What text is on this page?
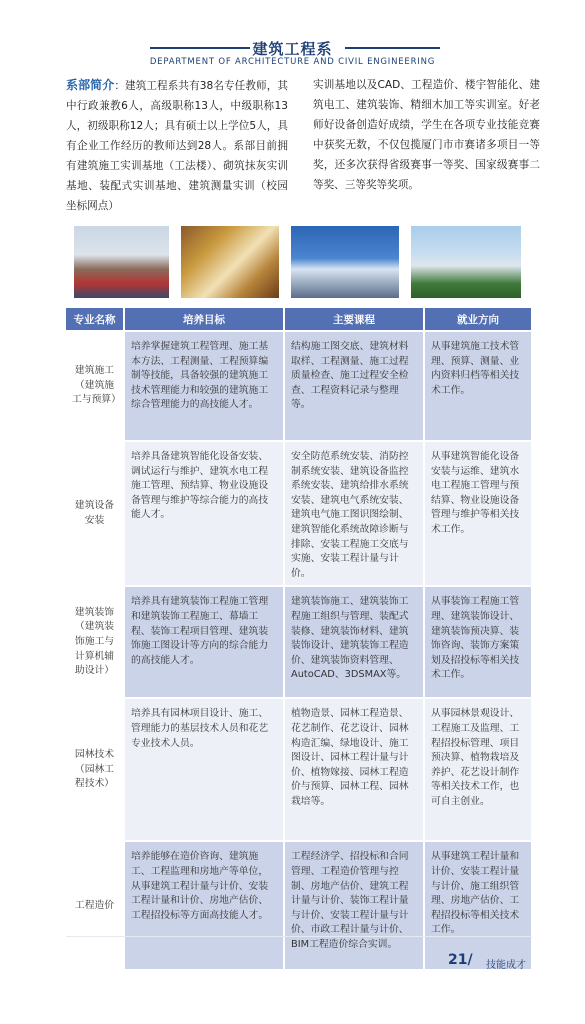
建筑工程系
DEPARTMENT OF ARCHITECTURE AND CIVIL ENGINEERING
系部简介：建筑工程系共有38名专任教师，其中行政兼教6人，高级职称13人，中级职称13人，初级职称12人；具有硕士以上学位5人，具有企业工作经历的教师达到28人。系部目前拥有建筑施工实训基地（工法楼）、砌筑抹灰实训基地、装配式实训基地、建筑测量实训（校园坐标网点）
实训基地以及CAD、工程造价、楼宇智能化、建筑电工、建筑装饰、精细木加工等实训室。好老师好设备创造好成绩，学生在各项专业技能竞赛中获奖无数，不仅包揽厦门市市赛诸多项目一等奖，还多次获得省级赛事一等奖、国家级赛事二等奖、三等奖等奖项。
专业名称	培养目标	主要课程	就业方向
建筑施工（建筑施工与预算）	培养掌握建筑工程管理、施工基本方法、工程测量、工程预算编制等技能，具备较强的建筑施工技术管理能力和较强的建筑施工综合管理能力的高技能人才。	结构施工图交底、建筑材料取样、工程测量、施工过程质量检查、施工过程安全检查、工程资料记录与整理等。	从事建筑施工技术管理、预算、测量、业内资料归档等相关技术工作。
建筑设备安装	培养具备建筑智能化设备安装、调试运行与维护、建筑水电工程施工管理、预结算、物业设施设备管理与维护等综合能力的高技能人才。	安全防范系统安装、消防控制系统安装、建筑设备监控系统安装、建筑给排水系统安装、建筑电气系统安装、建筑电气施工图识图绘制、建筑智能化系统故障诊断与排除、安装工程施工交底与实施、安装工程计量与计价。	从事建筑智能化设备安装与运维、建筑水电工程施工管理与预结算、物业设施设备管理与维护等相关技术工作。
建筑装饰（建筑装饰施工与计算机辅助设计）	培养具有建筑装饰工程施工管理和建筑装饰工程施工、幕墙工程、装饰工程项目管理、建筑装饰施工图设计等方向的综合能力的高技能人才。	建筑装饰施工、建筑装饰工程施工组织与管理、装配式装修、建筑装饰材料、建筑装饰设计、建筑装饰工程造价、建筑装饰资料管理、AutoCAD、3DSMAX等。	从事装饰工程施工管理、建筑装饰设计、建筑装饰预决算、装饰咨询、装饰方案策划及招投标等相关技术工作。
园林技术（园林工程技术）	培养具有园林项目设计、施工、管理能力的基层技术人员和花艺专业技术人员。	植物造景、园林工程造景、花艺制作、花艺设计、园林构造汇编、绿地设计、施工图设计、园林工程计量与计价、植物嫁接、园林工程造价与预算、园林工程、园林栽培等。	从事园林景观设计、工程施工及监理、工程招投标管理、项目预决算、植物栽培及养护、花艺设计制作等相关技术工作，也可自主创业。
工程造价	培养能够在造价咨询、建筑施工、工程监理和房地产等单位，从事建筑工程计量与计价、安装工程计量和计价、房地产估价、工程招投标等方面高技能人才。	工程经济学、招投标和合同管理、工程造价管理与控制、房地产估价、建筑工程计量与计价、装饰工程计量与计价、安装工程计量与计价、市政工程计量与计价、BIM工程造价综合实训。	从事建筑工程计量和计价、安装工程计量与计价、施工组织管理、房地产估价、工程招投标等相关技术工作。
21/ 技能成才
